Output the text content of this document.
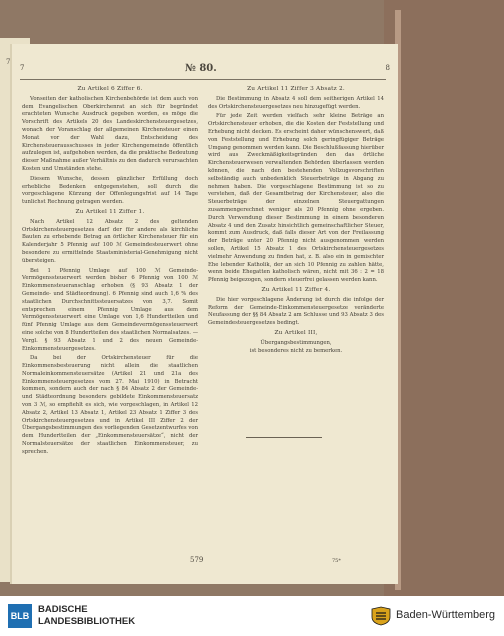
7
7	№ 80.	8
Zu Artikel 6 Ziffer 6.

Vonseiten der katholischen Kirchenbehörde ist dem auch von dem Evangelischen Oberkirchenrat an sich für begründet erachteten Wunsche Ausdruck gegeben worden, es möge die Vorschrift des Artikels 20 des Landeskirchensteuergesetzes, wonach der Voranschlag der allgemeinen Kirchensteuer einen Monat vor der Wahl dazu, Entscheidung des Kirchensteuerausschusses in jeder Kirchengemeinde öffentlich aufzulegen ist, aufgehoben werden, da die praktische Bedeutung dieser Maßnahme außer Verhältnis zu den dadurch verursachten Kosten und Umständen stehe.

Diesem Wunsche, dessen gänzlicher Erfüllung doch erhebliche Bedenken entgegenstehen, soll durch die vorgeschlagene Kürzung der Offenlegungsfrist auf 14 Tage tunlichst Rechnung getragen werden.

Zu Artikel 11 Ziffer 1.

Nach Artikel 12 Absatz 2 des geltenden Ortskirchensteuergesetzes darf der für andere als kirchliche Bauten zu erhebende Betrag an örtlicher Kirchensteuer für ein Kalenderjahr 5 Pfennig auf 100 ℳ Gemeindesteuerwert ohne besondere zu ermittelnde Staatsministerial-Genehmigung nicht übersteigen.

Bei 1 Pfennig Umlage auf 100 ℳ Gemeinde-Vermögenssteuerwert werden bisher 6 Pfennig von 100 ℳ Einkommensteueranschlag erhoben (§ 93 Absatz 1 der Gemeinde- und Städteordnung). 6 Pfennig sind auch 1,6 % des staatlichen Durchschnittssteuersatzes von 3,7. Somit entsprechen einem Pfennig Umlage aus dem Vermögenssteuerwert eine Umlage von 1,6 Hundertteilen und fünf Pfennig Umlage aus dem Gemeindevermögenssteuerwert eine solche von 8 Hundertteilen des staatlichen Normalsatzes. — Vergl. § 93 Absatz 1 und 2 des neuen Gemeinde-Einkommensteuergesetzes.

Da bei der Ortskirchensteuer für die Einkommensbesteuerung nicht allein die staatlichen Normaleinkommensteuersätze (Artikel 21 und 21a des Einkommensteuergesetzes vom 27. Mai 1910) in Betracht kommen, sondern auch der nach § 84 Absatz 2 der Gemeinde- und Städteordnung besonders gebildete Einkommensteuersatz von 3 ℳ, so empfiehlt es sich, wie vorgeschlagen, in Artikel 12 Absatz 2, Artikel 13 Absatz 1, Artikel 23 Absatz 1 Ziffer 3 des Ortskirchensteuergesetzes und in Artikel III Ziffer 2 der Übergangsbestimmungen des vorliegenden Gesetzentwurfes von dem Hundertteilen der „Einkommensteuersätze“, nicht der Normalsteuersätze der staatlichen Einkommensteuer, zu sprechen.

Zu Artikel 11 Ziffer 3 Absatz 2.

Die Bestimmung in Absatz 4 soll dem seitherigen Artikel 14 des Ortskirchensteuergesetzes neu hinzugefügt werden.

Für jede Zeit werden vielfach sehr kleine Beträge an Ortskirchensteuer erhoben, die die Kosten der Feststellung und Erhebung nicht decken. Es erscheint daher wünschenswert, daß von Feststellung und Erhebung solch geringfügiger Beträge Umgang genommen werden kann. Die Beschlußfassung hierüber wird aus Zweckmäßigkeitsgründen den das örtliche Kirchensteuerwesen verwaltenden Behörden überlassen werden können, die nach den bestehenden Vollzugsvorschriften selbständig auch unbedenklich Steuerbeträge in Abgang zu nehmen haben. Die vorgeschlagene Bestimmung ist so zu verstehen, daß der Gesamtbetrag der Kirchensteuer, also die Steuerbeträge der einzelnen Steuergattungen zusammengerechnet weniger als 20 Pfennig ohne ergeben. Durch Verwendung dieser Bestimmung in einem besonderen Absatz 4 und den Zusatz hinsichtlich gemeinschaftlicher Steuer, kommt zum Ausdruck, daß falls dieser Art von der Freilassung der Beträge unter 20 Pfennig nicht ausgenommen werden sollen, Artikel 15 Absatz 1 des Ortskirchensteuergesetzes vielmehr Anwendung zu finden hat, z. B. also ein in gemischter Ehe lebender Katholik, der an sich 10 Pfennig zu zahlen hätte, wenn beide Ehegatten katholisch wären, nicht mit 36 : 2 = 18 Pfennig beigezogen, sondern steuerfrei gelassen werden kann.

Zu Artikel 11 Ziffer 4.

Die hier vorgeschlagene Änderung ist durch die infolge der Reform der Gemeinde-Einkommensteuergesetze veränderte Neufassung der §§ 84 Absatz 2 am Schlusse und 93 Absatz 3 des Gemeindesteuergesetzes bedingt.

Zu Artikel III,
Übergangsbestimmungen,

ist besonderes nicht zu bemerken.

579	75*
BLB
BADISCHE
LANDESBIBLIOTHEK
Baden-Württemberg
